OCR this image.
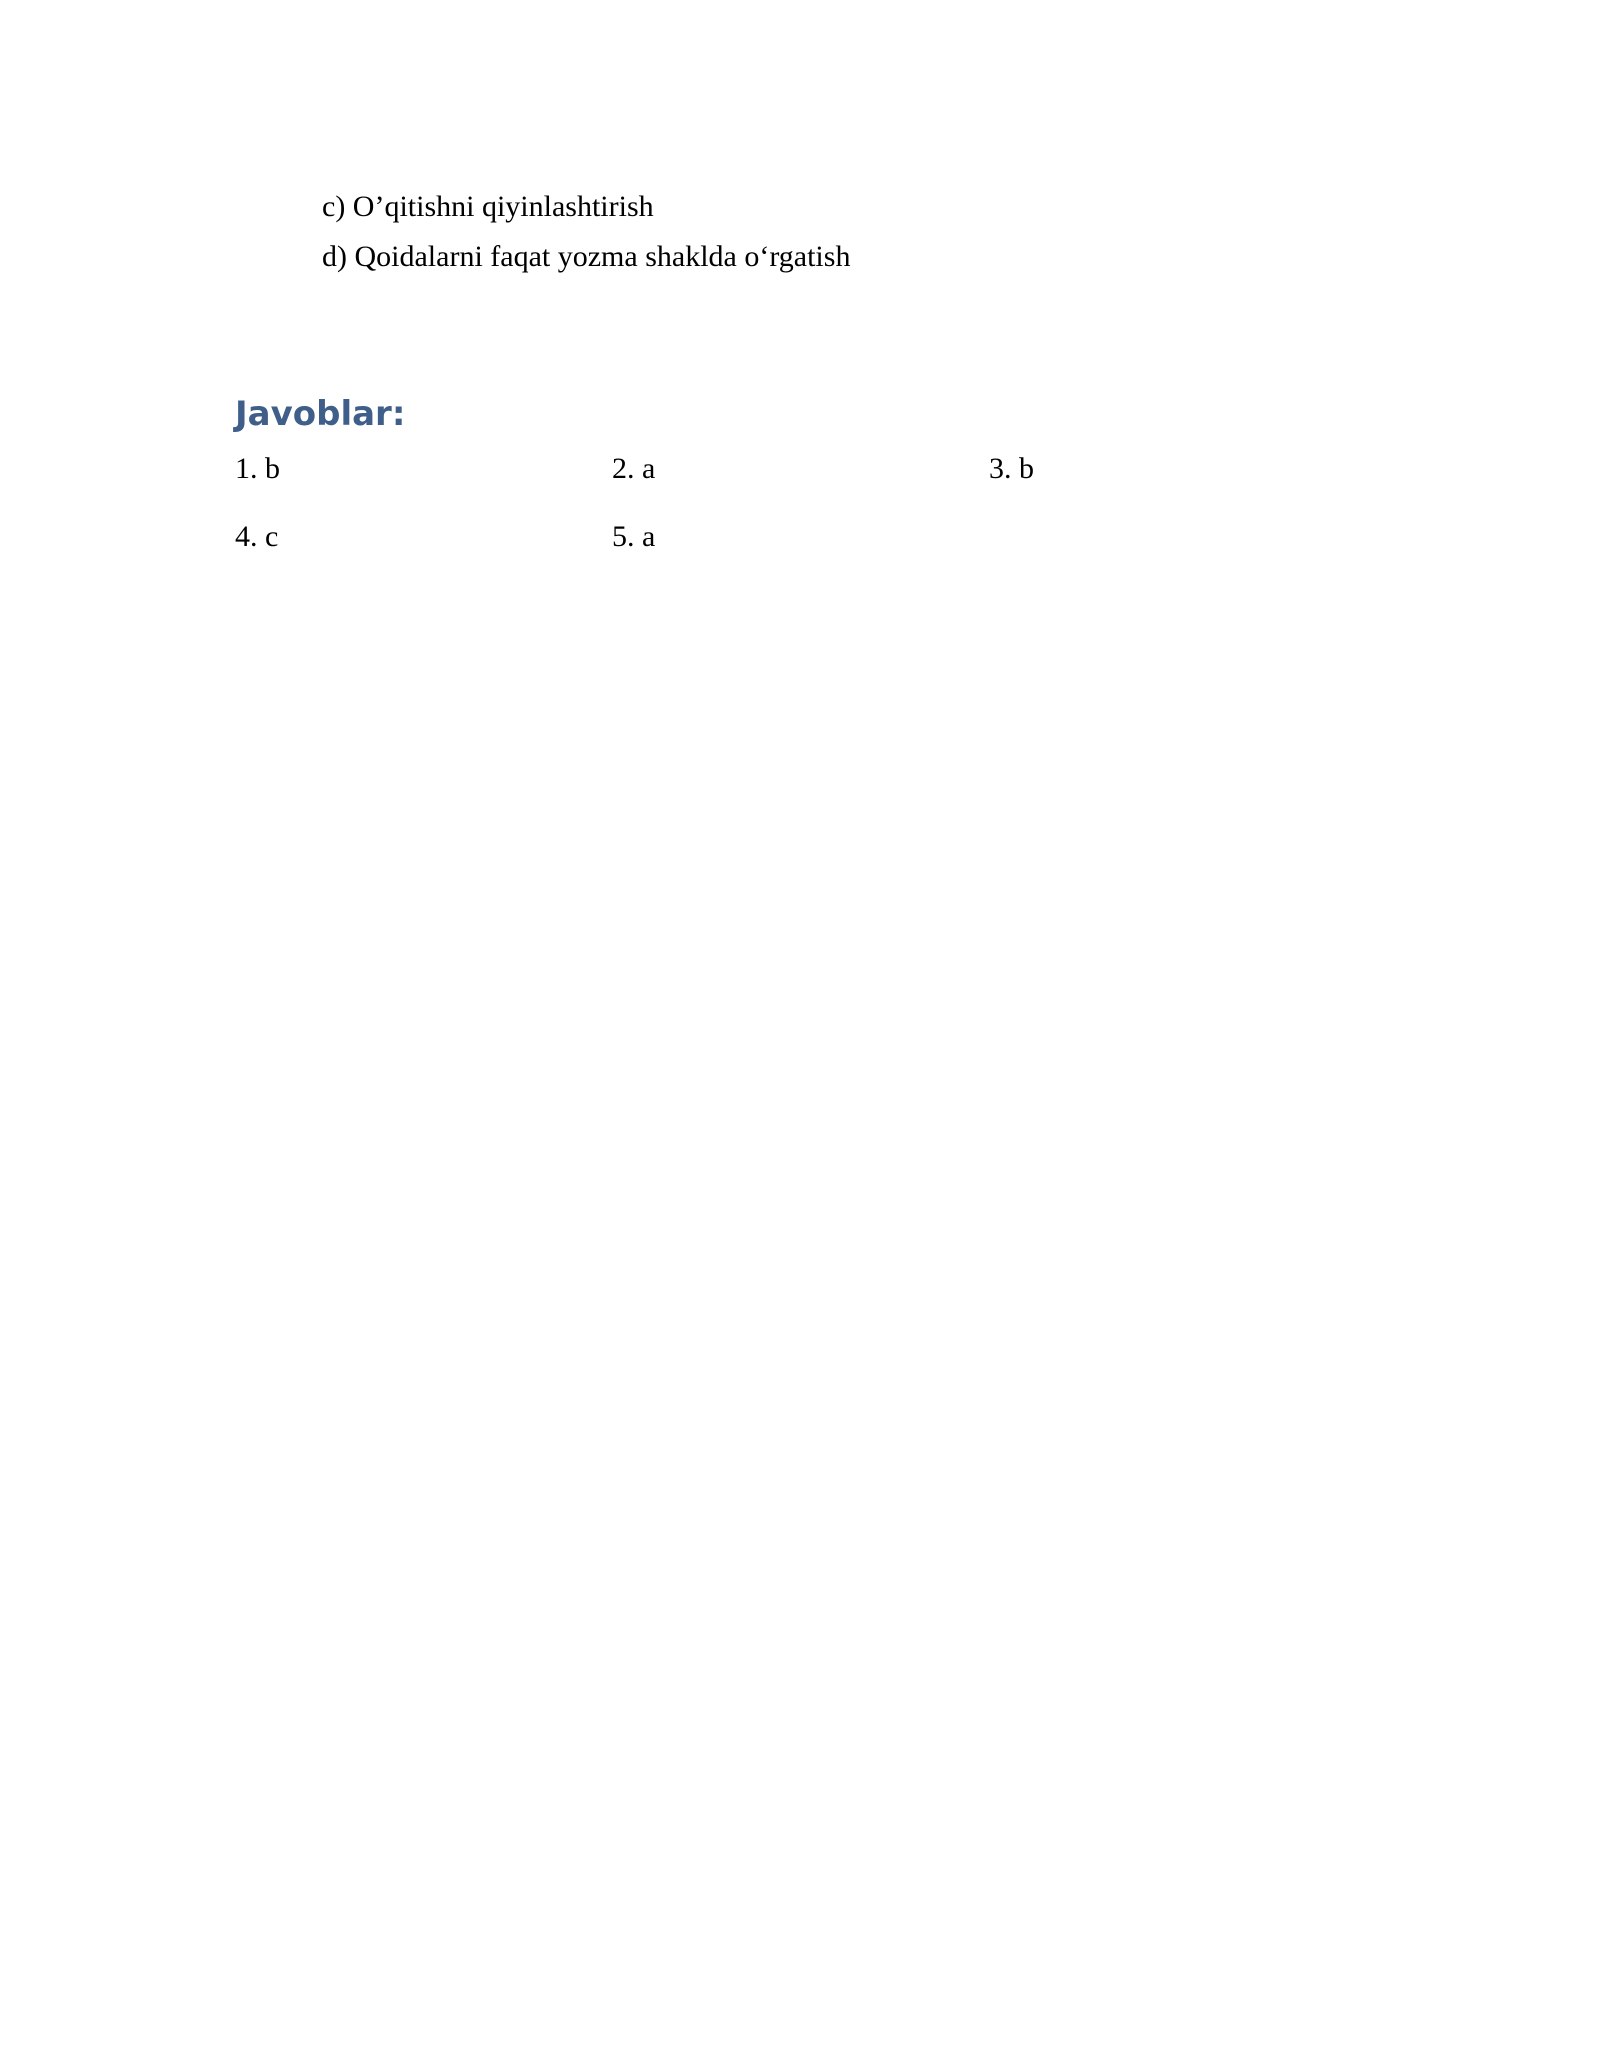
c) O’qitishni qiyinlashtirish
d) Qoidalarni faqat yozma shaklda o‘rgatish
Javoblar:
1. b	2. a	3. b
4. c	5. a
